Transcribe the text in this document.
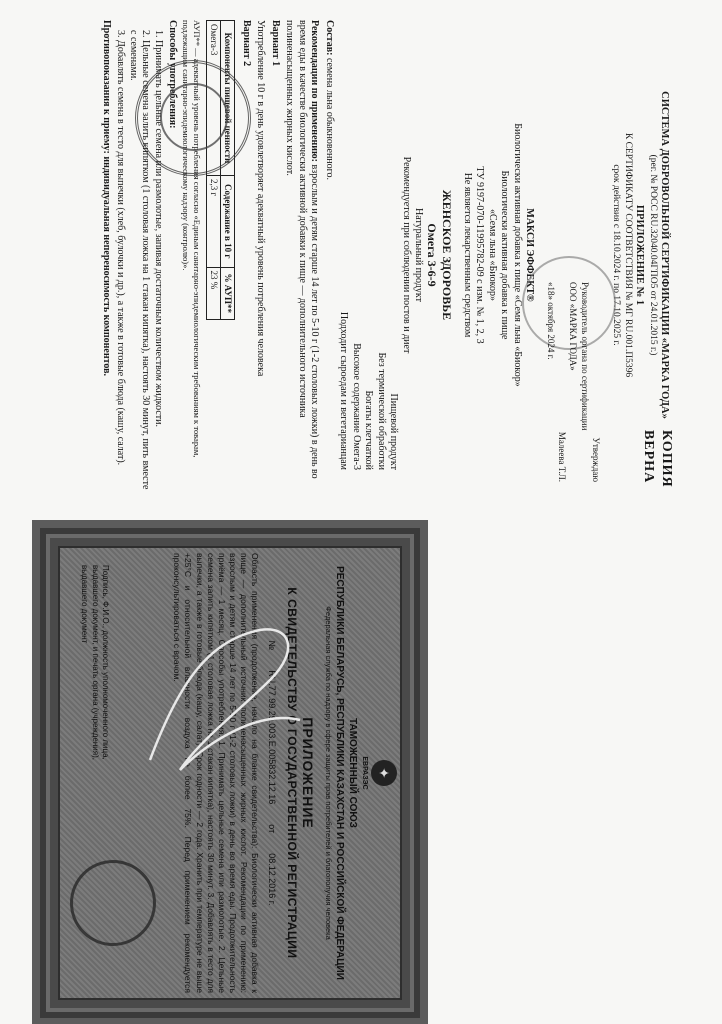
КОПИЯ ВЕРНА
СИСТЕМА ДОБРОВОЛЬНОЙ СЕРТИФИКАЦИИ «МАРКА ГОДА»
(рег. № РОСС RU.З2040.04ГПО5 от 24.01.2015 г.)
ПРИЛОЖЕНИЕ № 1
К СЕРТИФИКАТУ СООТВЕТСТВИЯ № МГ RU.001.П5396
срок действия с 18.10.2024 г. по 17.10.2025 г.
Утверждаю
Руководитель органа по сертификации
ООО «МАРКА ГОДА»
Малеева Т.Л.
«18» октября 2024 г.
МАКСИ ЭФФЕКТ®
Биологически активная добавка к пище «Семя льна «Биокор»
Биологически активная добавка к пище
«Семя льна «Биокор»
ТУ 9197-070-11995782-09 с изм. № 1, 2, 3
Не является лекарственным средством
ЖЕНСКОЕ ЗДОРОВЬЕ
Омега 3-6-9
Натуральный продукт
Рекомендуется при соблюдении постов и диет
Пищевой продукт
Без термической обработки
Богаты клетчаткой
Высокое содержание Омега-3
Подходит сыроедам и вегетарианцам

Состав: семена льна обыкновенного.

Рекомендации по применению: взрослым и детям старше 14 лет по 5-10 г (1-2 столовых ложки) в день во время еды в качестве биологически активной добавки к пище — дополнительного источника полиненасыщенных жирных кислот.

Вариант 1

Употребление 10 г в день удовлетворяет адекватный уровень потребления человека

Вариант 2

Компоненты пищевой ценности	Содержание в 10 г	% АУП**
Омега-3	2,3 г	23 %

АУП** — адекватный уровень потребления согласно «Единым санитарно-эпидемиологическим требованиям к товарам, подлежащим санитарно-эпидемиологическому надзору (контролю)».

Способы употребления:

1. Принимать цельные семена или размолотые, запивая достаточным количеством жидкости.
2. Цельные семена залить кипятком (1 столовая ложка на 1 стакан кипятка), настоять 30 минут, пить вместе с семенами.
3. Добавлять семена в тесто для выпечки (хлеб, булочки и др.), а также в готовые блюда (кашу, салат).

Противопоказания к приему: индивидуальная непереносимость компонентов.

✦
ЕВРАЗЭС
ТАМОЖЕННЫЙ СОЮЗ
РЕСПУБЛИКИ БЕЛАРУСЬ, РЕСПУБЛИКИ КАЗАХСТАН И РОССИЙСКОЙ ФЕДЕРАЦИИ
Федеральная служба по надзору в сфере защиты прав потребителей и благополучия человека
ПРИЛОЖЕНИЕ
К СВИДЕТЕЛЬСТВУ О ГОСУДАРСТВЕННОЙ РЕГИСТРАЦИИ
№
RU.77.99.29.003.Е.005832.12.16
от
08.12.2016 г.
Область применения (продолжение, начало на бланке свидетельства): Биологически активная добавка к пище — дополнительный источник полиненасыщенных жирных кислот. Рекомендации по применению: взрослым и детям старше 14 лет по 5-10 г (1-2 столовых ложки) в день во время еды. Продолжительность приёма — 1 месяц. Способы употребления: 1. Принимать цельные семена или размолотые. 2. Цельные семена залить кипятком (1 столовая ложка на 1 стакан кипятка), настоять 30 минут. 3. Добавлять в тесто для выпечки, а также в готовые блюда (кашу, салат). Срок годности — 2 года. Хранить при температуре не выше +25°С и относительной влажности воздуха не более 75%. Перед применением рекомендуется проконсультироваться с врачом.
Подпись, Ф.И.О., должность уполномоченного лица, выдавшего документ, и печать органа (учреждения), выдавшего документ
